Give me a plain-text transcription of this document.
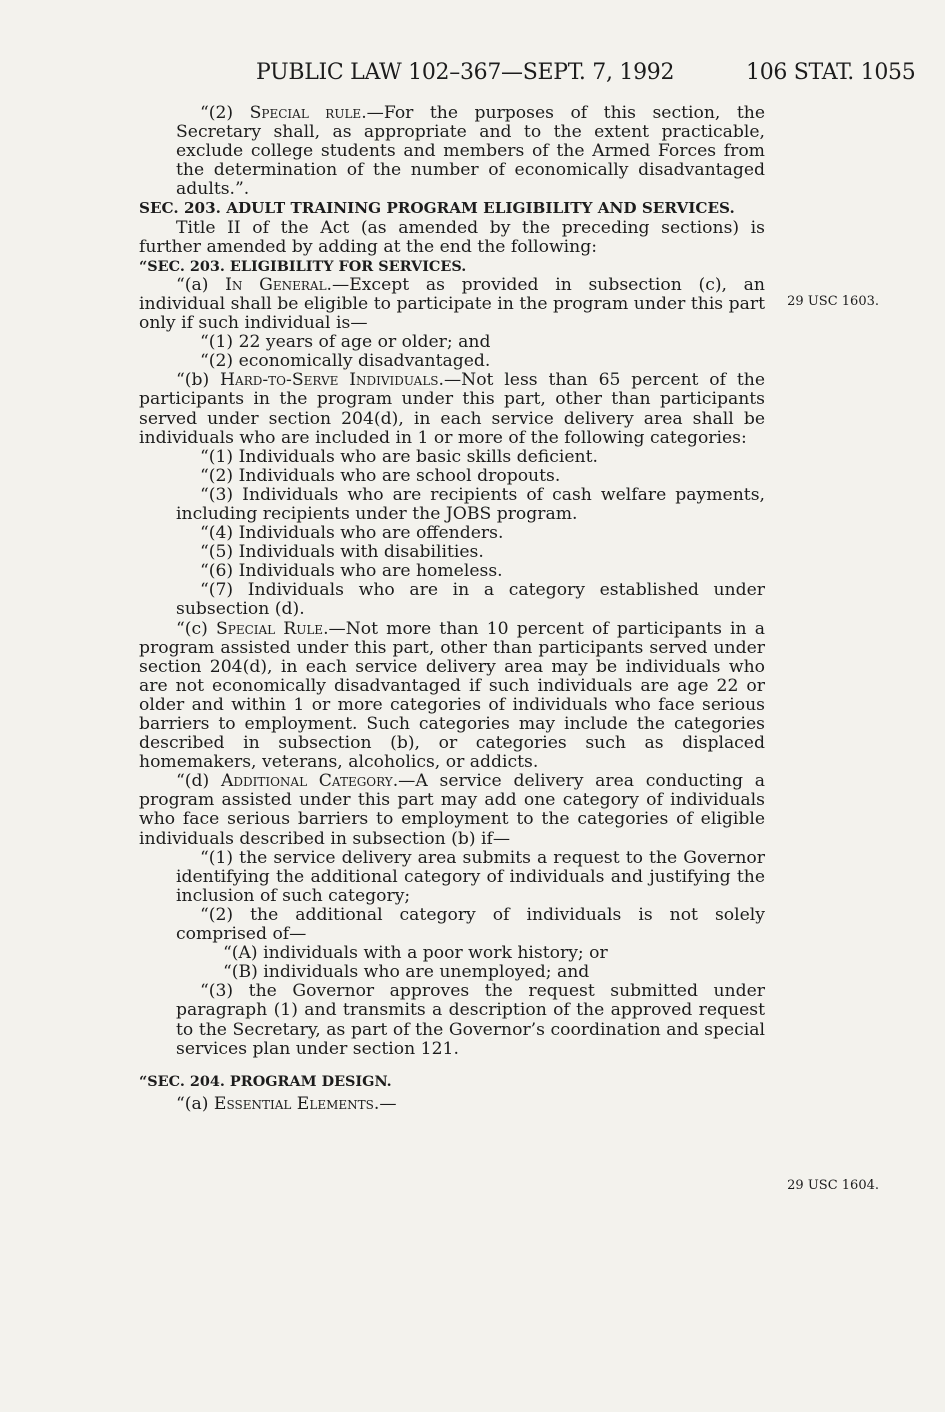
PUBLIC LAW 102–367—SEPT. 7, 1992	106 STAT. 1055
29 USC 1603.
29 USC 1604.

“(2) Special rule.—For the purposes of this section, the Secretary shall, as appropriate and to the extent practicable, exclude college students and members of the Armed Forces from the determination of the number of economically disadvantaged adults.”.

SEC. 203. ADULT TRAINING PROGRAM ELIGIBILITY AND SERVICES.

Title II of the Act (as amended by the preceding sections) is further amended by adding at the end the following:

“SEC. 203. ELIGIBILITY FOR SERVICES.

“(a) In General.—Except as provided in subsection (c), an individual shall be eligible to participate in the program under this part only if such individual is—

“(1) 22 years of age or older; and

“(2) economically disadvantaged.

“(b) Hard-to-Serve Individuals.—Not less than 65 percent of the participants in the program under this part, other than participants served under section 204(d), in each service delivery area shall be individuals who are included in 1 or more of the following categories:

“(1) Individuals who are basic skills deficient.

“(2) Individuals who are school dropouts.

“(3) Individuals who are recipients of cash welfare payments, including recipients under the JOBS program.

“(4) Individuals who are offenders.

“(5) Individuals with disabilities.

“(6) Individuals who are homeless.

“(7) Individuals who are in a category established under subsection (d).

“(c) Special Rule.—Not more than 10 percent of participants in a program assisted under this part, other than participants served under section 204(d), in each service delivery area may be individuals who are not economically disadvantaged if such individuals are age 22 or older and within 1 or more categories of individuals who face serious barriers to employment. Such categories may include the categories described in subsection (b), or categories such as displaced homemakers, veterans, alcoholics, or addicts.

“(d) Additional Category.—A service delivery area conducting a program assisted under this part may add one category of individuals who face serious barriers to employment to the categories of eligible individuals described in subsection (b) if—

“(1) the service delivery area submits a request to the Governor identifying the additional category of individuals and justifying the inclusion of such category;

“(2) the additional category of individuals is not solely comprised of—

“(A) individuals with a poor work history; or

“(B) individuals who are unemployed; and

“(3) the Governor approves the request submitted under paragraph (1) and transmits a description of the approved request to the Secretary, as part of the Governor’s coordination and special services plan under section 121.

“SEC. 204. PROGRAM DESIGN.

“(a) Essential Elements.—
